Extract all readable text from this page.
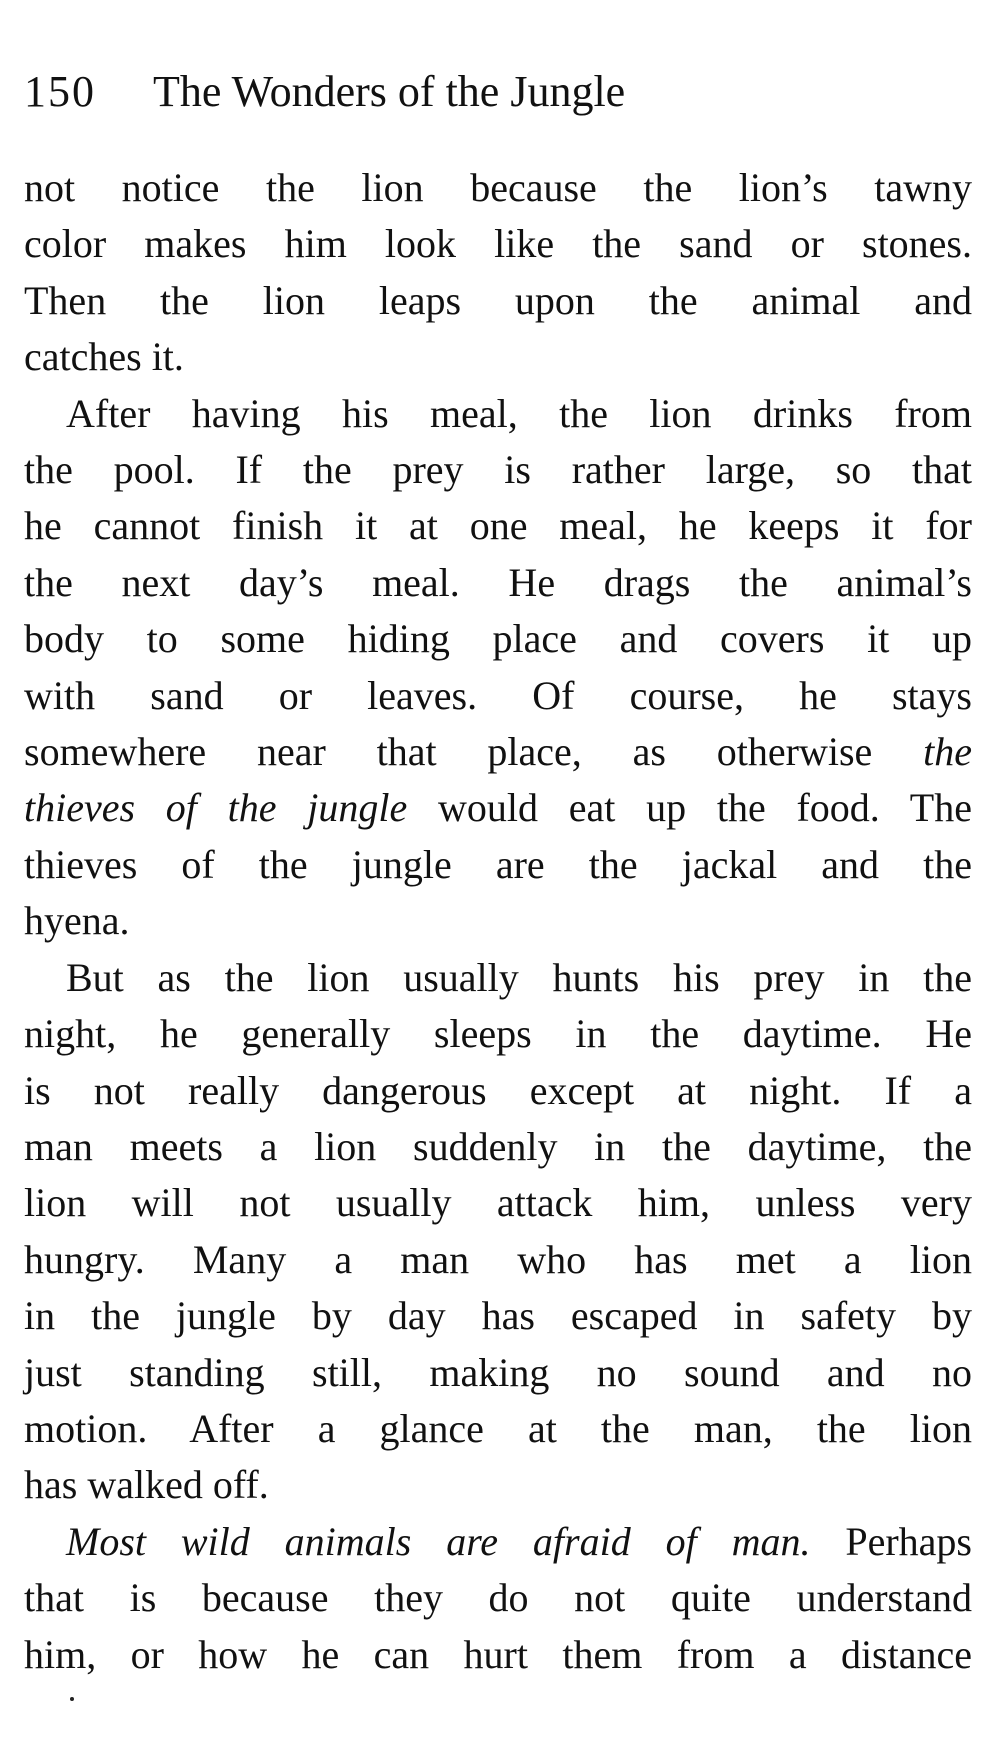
150 The Wonders of the Jungle
not notice the lion because the lion’s tawny
color makes him look like the sand or stones.
Then the lion leaps upon the animal and
catches it.
After having his meal, the lion drinks from
the pool. If the prey is rather large, so that
he cannot finish it at one meal, he keeps it for
the next day’s meal. He drags the animal’s
body to some hiding place and covers it up
with sand or leaves. Of course, he stays
somewhere near that place, as otherwise the
thieves of the jungle would eat up the food. The
thieves of the jungle are the jackal and the
hyena.
But as the lion usually hunts his prey in the
night, he generally sleeps in the daytime. He
is not really dangerous except at night. If a
man meets a lion suddenly in the daytime, the
lion will not usually attack him, unless very
hungry. Many a man who has met a lion
in the jungle by day has escaped in safety by
just standing still, making no sound and no
motion. After a glance at the man, the lion
has walked off.
Most wild animals are afraid of man. Perhaps
that is because they do not quite understand
him, or how he can hurt them from a distance
